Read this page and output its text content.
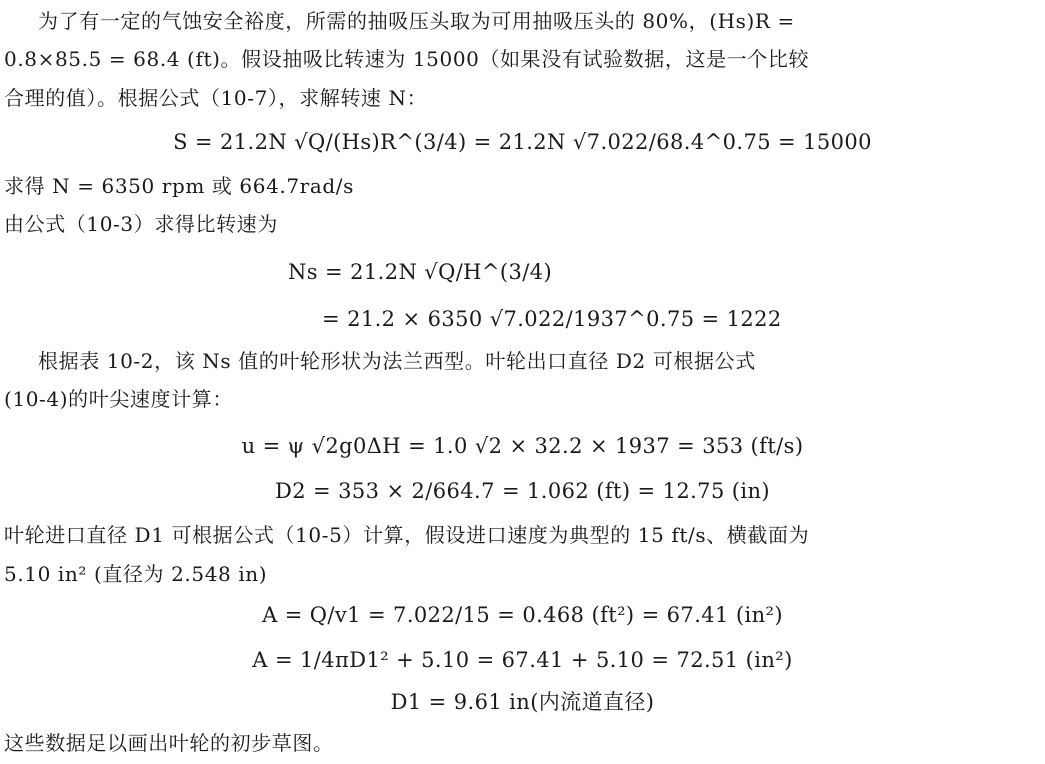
为了有一定的气蚀安全裕度，所需的抽吸压头取为可用抽吸压头的 80%，(Hs)R =
0.8×85.5 = 68.4 (ft)。假设抽吸比转速为 15000（如果没有试验数据，这是一个比较
合理的值）。根据公式（10-7），求解转速 N：
S = 21.2N √Q/(Hs)R^(3/4) = 21.2N √7.022/68.4^0.75 = 15000
求得 N = 6350 rpm 或 664.7rad/s
由公式（10-3）求得比转速为
Ns = 21.2N √Q/H^(3/4)
= 21.2 × 6350 √7.022/1937^0.75 = 1222
根据表 10-2，该 Ns 值的叶轮形状为法兰西型。叶轮出口直径 D2 可根据公式
(10-4)的叶尖速度计算：
u = ψ √2g0ΔH = 1.0 √2 × 32.2 × 1937 = 353 (ft/s)
D2 = 353 × 2/664.7 = 1.062 (ft) = 12.75 (in)
叶轮进口直径 D1 可根据公式（10-5）计算，假设进口速度为典型的 15 ft/s、横截面为
5.10 in² (直径为 2.548 in)
A = Q/v1 = 7.022/15 = 0.468 (ft²) = 67.41 (in²)
A = 1/4πD1² + 5.10 = 67.41 + 5.10 = 72.51 (in²)
D1 = 9.61 in(内流道直径)
这些数据足以画出叶轮的初步草图。
